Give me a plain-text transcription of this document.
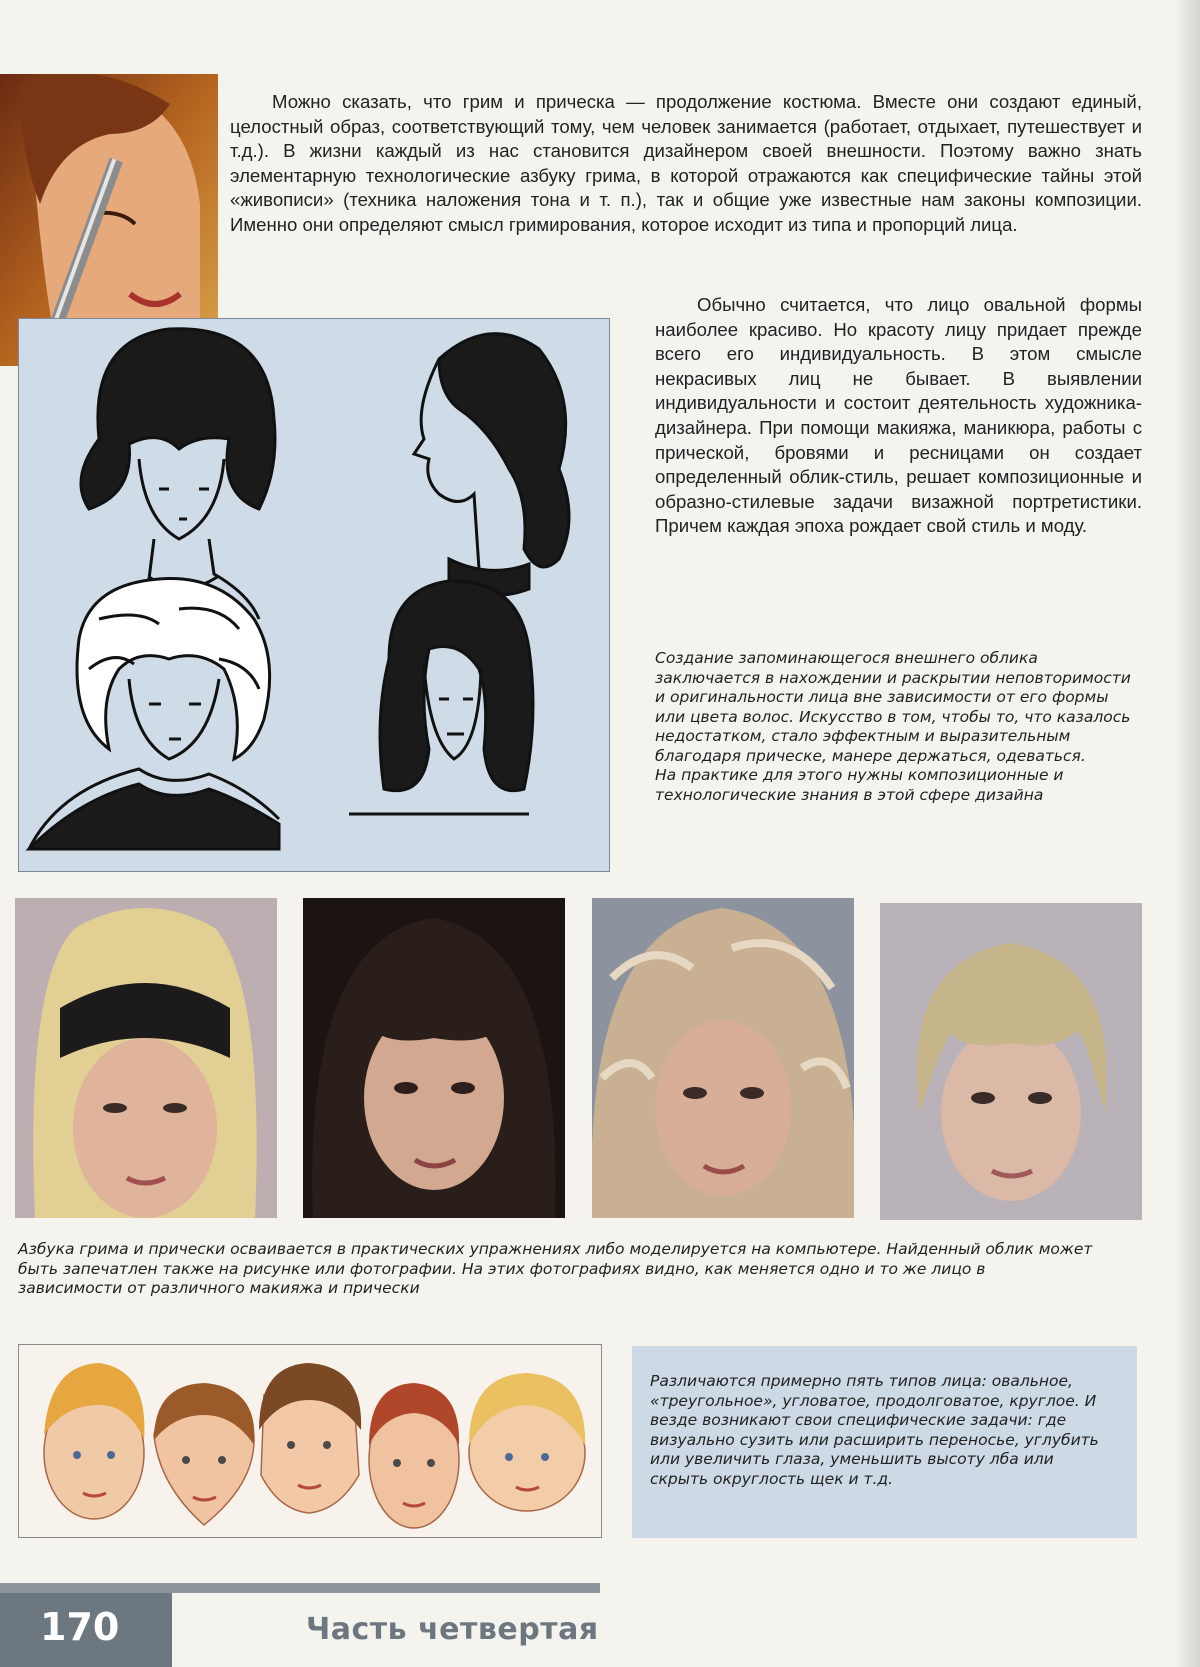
Можно сказать, что грим и прическа — продолжение костюма. Вместе они создают единый, целостный образ, соответствующий тому, чем человек занимается (работает, отдыхает, путешествует и т.д.). В жизни каждый из нас становится дизайнером своей внешности. Поэтому важно знать элементарную технологические азбуку грима, в которой отражаются как специфические тайны этой «живописи» (техника наложения тона и т. п.), так и общие уже известные нам законы композиции. Именно они определяют смысл гримирования, которое исходит из типа и пропорций лица.

Обычно считается, что лицо овальной формы наиболее красиво. Но красоту лицу придает прежде всего его индивидуальность. В этом смысле некрасивых лиц не бывает. В выявлении индивидуальности и состоит деятельность художника-дизайнера. При помощи макияжа, маникюра, работы с прической, бровями и ресницами он создает определенный облик-стиль, решает композиционные и образно-стилевые задачи визажной портретистики. Причем каждая эпоха рождает свой стиль и моду.

Создание запоминающегося внешнего облика заключается в нахождении и раскрытии неповторимости и оригинальности лица вне зависимости от его формы или цвета волос. Искусство в том, чтобы то, что казалось недостатком, стало эффектным и выразительным благодаря прическе, манере держаться, одеваться.

На практике для этого нужны композиционные и технологические знания в этой сфере дизайна

Азбука грима и прически осваивается в практических упражнениях либо моделируется на компьютере. Найденный облик может быть запечатлен также на рисунке или фотографии. На этих фотографиях видно, как меняется одно и то же лицо в зависимости от различного макияжа и прически

Различаются примерно пять типов лица: овальное, «треугольное», угловатое, продолговатое, круглое. И везде возникают свои специфические задачи: где визуально сузить или расширить переносье, углубить или увеличить глаза, уменьшить высоту лба или скрыть округлость щек и т.д.

170	Часть четвертая
